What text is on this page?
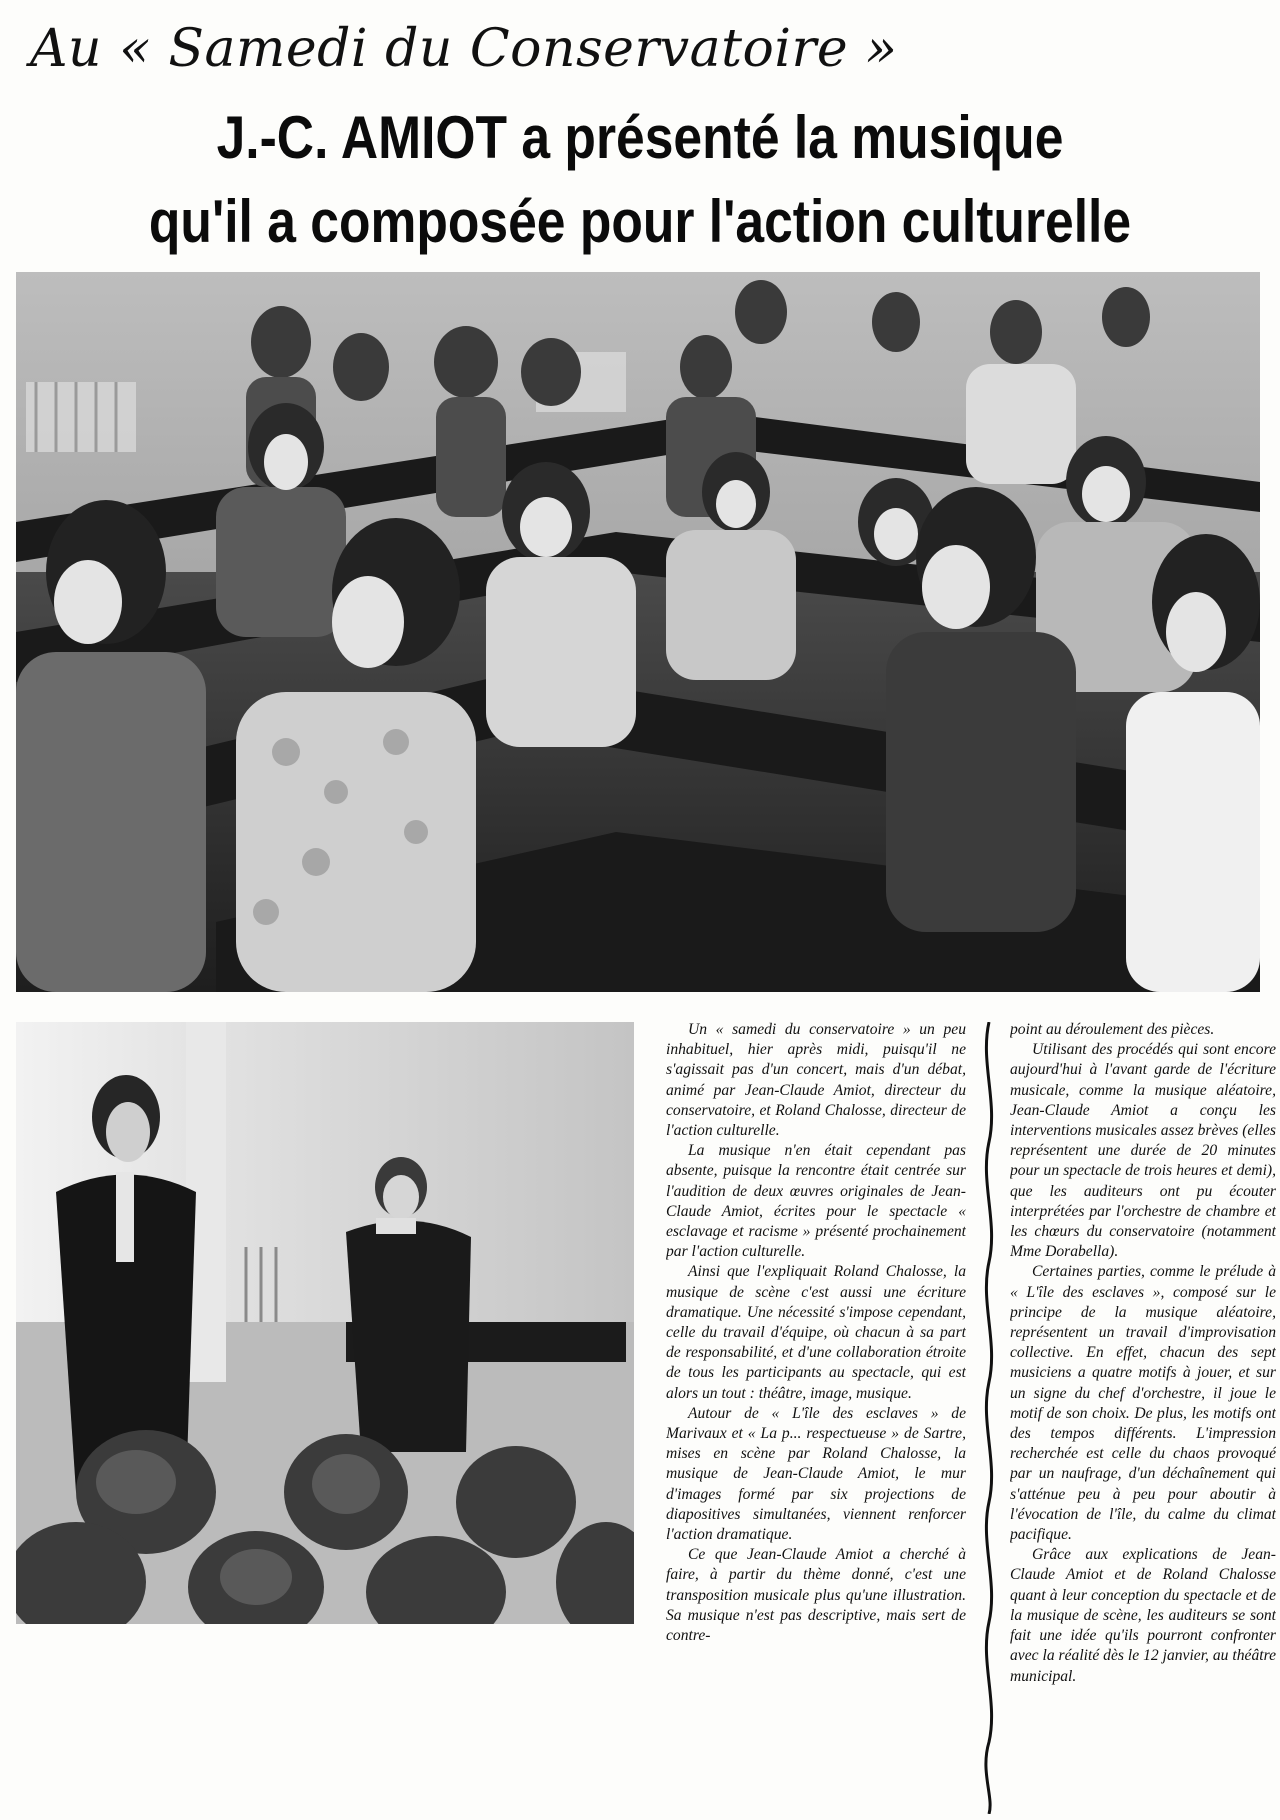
Au « Samedi du Conservatoire »
J.-C. AMIOT a présenté la musique
qu'il a composée pour l'action culturelle

Un « samedi du conservatoire » un peu inhabituel, hier après midi, puisqu'il ne s'agissait pas d'un concert, mais d'un débat, animé par Jean-Claude Amiot, directeur du conservatoire, et Roland Chalosse, directeur de l'action culturelle.

La musique n'en était cependant pas absente, puisque la rencontre était centrée sur l'audition de deux œuvres originales de Jean-Claude Amiot, écrites pour le spectacle « esclavage et racisme » présenté prochainement par l'action culturelle.

Ainsi que l'expliquait Roland Chalosse, la musique de scène c'est aussi une écriture dramatique. Une nécessité s'impose cependant, celle du travail d'équipe, où chacun à sa part de responsabilité, et d'une collaboration étroite de tous les participants au spectacle, qui est alors un tout : théâtre, image, musique.

Autour de « L'île des esclaves » de Marivaux et « La p... respectueuse » de Sartre, mises en scène par Roland Chalosse, la musique de Jean-Claude Amiot, le mur d'images formé par six projections de diapositives simultanées, viennent renforcer l'action dramatique.

Ce que Jean-Claude Amiot a cherché à faire, à partir du thème donné, c'est une transposition musicale plus qu'une illustration. Sa musique n'est pas descriptive, mais sert de contre-

point au déroulement des pièces.

Utilisant des procédés qui sont encore aujourd'hui à l'avant garde de l'écriture musicale, comme la musique aléatoire, Jean-Claude Amiot a conçu les interventions musicales assez brèves (elles représentent une durée de 20 minutes pour un spectacle de trois heures et demi), que les auditeurs ont pu écouter interprétées par l'orchestre de chambre et les chœurs du conservatoire (notamment Mme Dorabella).

Certaines parties, comme le prélude à « L'île des esclaves », composé sur le principe de la musique aléatoire, représentent un travail d'improvisation collective. En effet, chacun des sept musiciens a quatre motifs à jouer, et sur un signe du chef d'orchestre, il joue le motif de son choix. De plus, les motifs ont des tempos différents. L'impression recherchée est celle du chaos provoqué par un naufrage, d'un déchaînement qui s'atténue peu à peu pour aboutir à l'évocation de l'île, du calme du climat pacifique.

Grâce aux explications de Jean-Claude Amiot et de Roland Chalosse quant à leur conception du spectacle et de la musique de scène, les auditeurs se sont fait une idée qu'ils pourront confronter avec la réalité dès le 12 janvier, au théâtre municipal.
